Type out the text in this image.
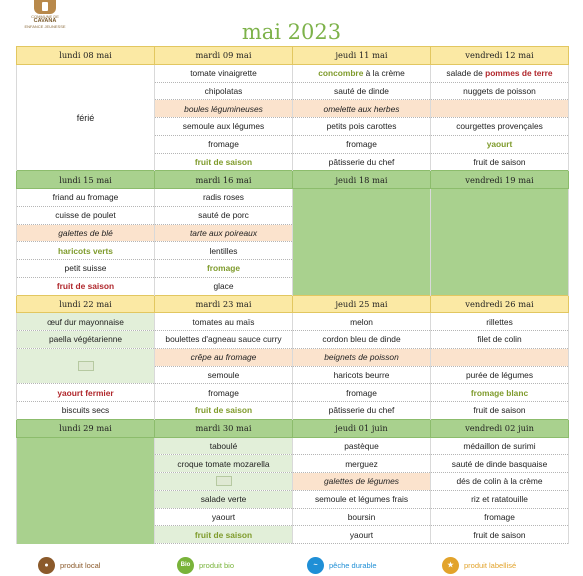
COMMUNE DE
CAVANA
ENFANCE JEUNESSE	mai 2023
lundi 08 mai	mardi 09 mai	jeudi 11 mai	vendredi 12 mai
férié	tomate vinaigrette	concombre à la crème	salade de pommes de terre
	chipolatas	sauté de dinde	nuggets de poisson
	boules légumineuses	omelette aux herbes	
	semoule aux légumes	petits pois carottes	courgettes provençales
	fromage	fromage	yaourt
	fruit de saison	pâtisserie du chef	fruit de saison
lundi 15 mai	mardi 16 mai	jeudi 18 mai	vendredi 19 mai
friand au fromage	radis roses		
cuisse de poulet	sauté de porc		
galettes de blé	tarte aux poireaux		
haricots verts	lentilles		
petit suisse	fromage		
fruit de saison	glace		
lundi 22 mai	mardi 23 mai	jeudi 25 mai	vendredi 26 mai
œuf dur mayonnaise	tomates au maïs	melon	rillettes
paella végétarienne	boulettes d'agneau sauce curry	cordon bleu de dinde	filet de colin

	crêpe au fromage	beignets de poisson	
	semoule	haricots beurre	purée de légumes
yaourt fermier	fromage	fromage	fromage blanc
biscuits secs	fruit de saison	pâtisserie du chef	fruit de saison
lundi 29 mai	mardi 30 mai	jeudi 01 juin	vendredi 02 juin
	taboulé	pastèque	médaillon de surimi
	croque tomate mozarella	merguez	sauté de dinde basquaise

		galettes de légumes	dés de colin à la crème
	salade verte	semoule et légumes frais	riz et ratatouille
	yaourt	boursin	fromage
	fruit de saison	yaourt	fruit de saison
●	produit local	Bio	produit bio	~	pêche durable	★	produit labellisé
